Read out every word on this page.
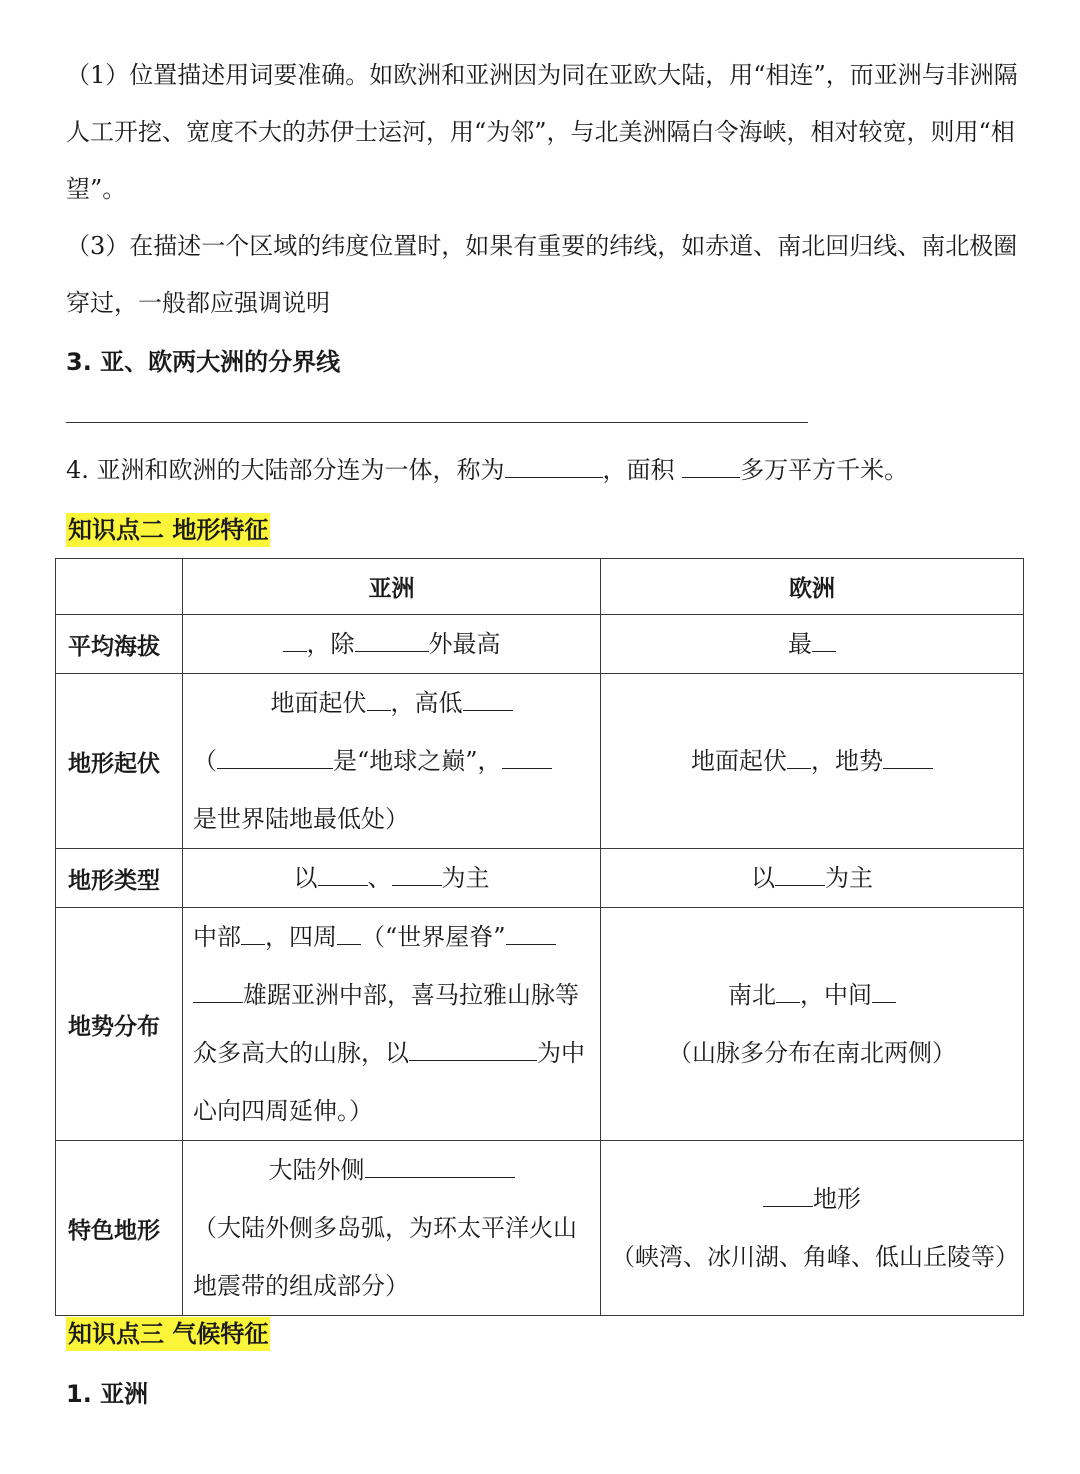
（1）位置描述用词要准确。如欧洲和亚洲因为同在亚欧大陆，用“相连”，而亚洲与非洲隔人工开挖、宽度不大的苏伊士运河，用“为邻”，与北美洲隔白令海峡，相对较宽，则用“相望”。

（3）在描述一个区域的纬度位置时，如果有重要的纬线，如赤道、南北回归线、南北极圈穿过，一般都应强调说明

3. 亚、欧两大洲的分界线

4. 亚洲和欧洲的大陆部分连为一体，称为	，面积 多万平方千米。

知识点二 地形特征

	亚洲	欧洲
平均海拔	，除 外最高	最

地形起伏	地面起伏 ，高低
（ 是“地球之巅”，
是世界陆地最低处）	地面起伏 ，地势

地形类型	以 、 为主	以 为主

地势分布	中部 ，四周 （“世界屋脊”
雄踞亚洲中部，喜马拉雅山脉等
众多高大的山脉，以 为中
心向四周延伸。）	南北 ，中间
（山脉多分布在南北两侧）

特色地形	大陆外侧
（大陆外侧多岛弧，为环太平洋火山
地震带的组成部分）	地形
（峡湾、冰川湖、角峰、低山丘陵等）

知识点三 气候特征

1. 亚洲
